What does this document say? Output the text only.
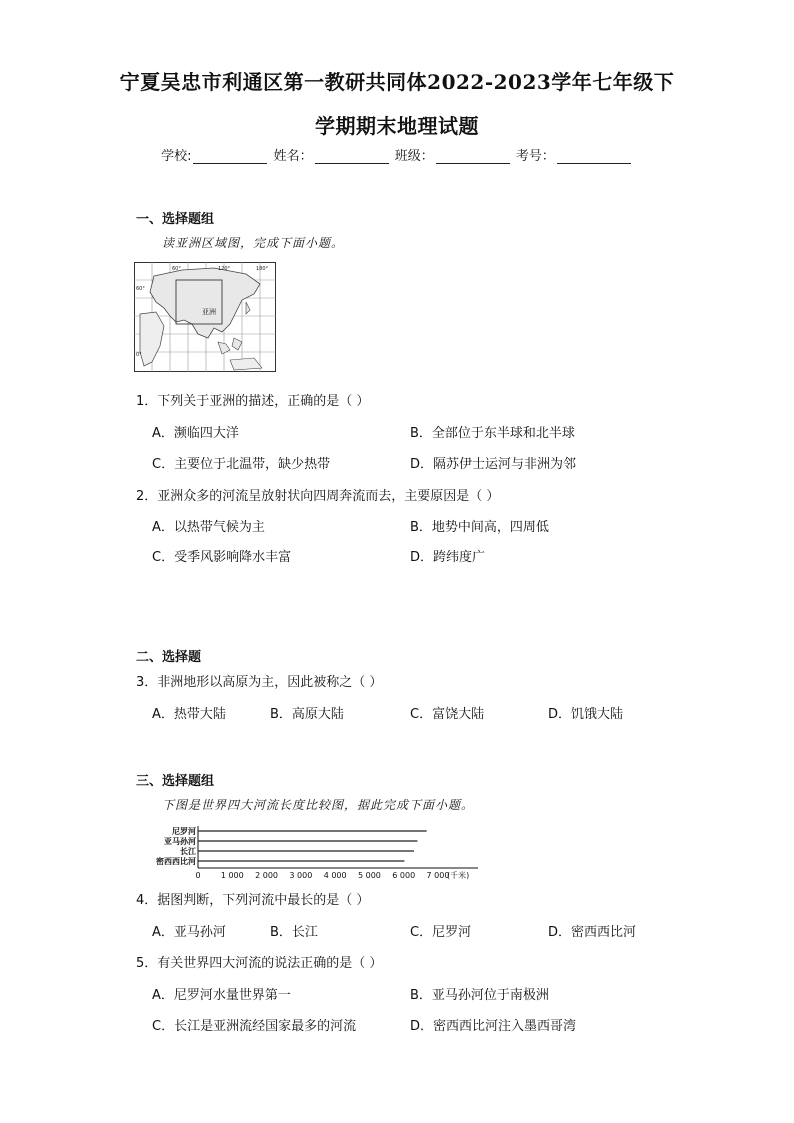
宁夏吴忠市利通区第一教研共同体2022-2023学年七年级下
学期期末地理试题
学校:	姓名：	班级：	考号：
一、选择题组
读亚洲区域图，完成下面小题。
60°	120°	180°
60°
0°
亚洲
1．下列关于亚洲的描述，正确的是（ ）
A．濒临四大洋	B．全部位于东半球和北半球
C．主要位于北温带，缺少热带	D．隔苏伊士运河与非洲为邻
2．亚洲众多的河流呈放射状向四周奔流而去，主要原因是（ ）
A．以热带气候为主	B．地势中间高，四周低
C．受季风影响降水丰富	D．跨纬度广
二、选择题
3．非洲地形以高原为主，因此被称之（ ）
A．热带大陆	B．高原大陆	C．富饶大陆	D．饥饿大陆
三、选择题组
下图是世界四大河流长度比较图，据此完成下面小题。
尼罗河
亚马孙河
长江
密西西比河
0	1 000 2 000 3 000 4 000 5 000 6 000 7 000
(千米)
4．据图判断，下列河流中最长的是（ ）
A．亚马孙河	B．长江	C．尼罗河	D．密西西比河
5．有关世界四大河流的说法正确的是（ ）
A．尼罗河水量世界第一	B．亚马孙河位于南极洲
C．长江是亚洲流经国家最多的河流	D．密西西比河注入墨西哥湾
